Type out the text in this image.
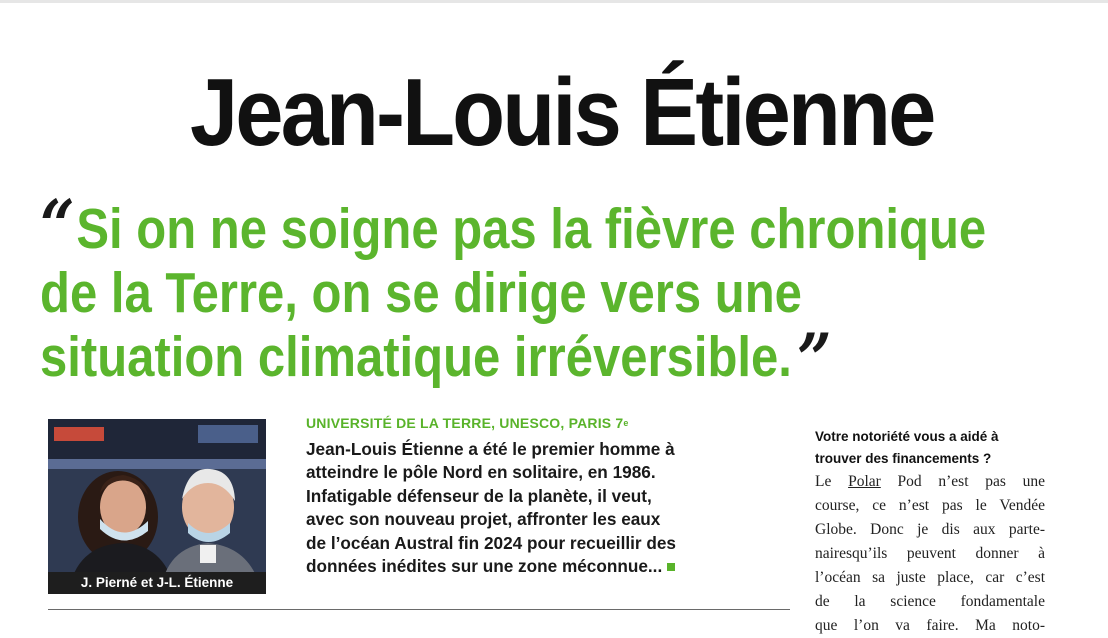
Jean-Louis Étienne
“Si on ne soigne pas la fièvre chronique
de la Terre, on se dirige vers une
situation climatique irréversible.”
J. Pierné et J-L. Étienne
UNIVERSITÉ DE LA TERRE, UNESCO, PARIS 7e
Jean-Louis Étienne a été le premier homme à
atteindre le pôle Nord en solitaire, en 1986.
Infatigable défenseur de la planète, il veut,
avec son nouveau projet, affronter les eaux
de l’océan Austral fin 2024 pour recueillir des
données inédites sur une zone méconnue...
Votre notoriété vous a aidé à
trouver des financements ?
Le Polar Pod n’est pas une
course, ce n’est pas le Vendée
Globe. Donc je dis aux parte-
nairesqu’ils peuvent donner à
l’océan sa juste place, car c’est
de la science fondamentale
que l’on va faire. Ma noto-
